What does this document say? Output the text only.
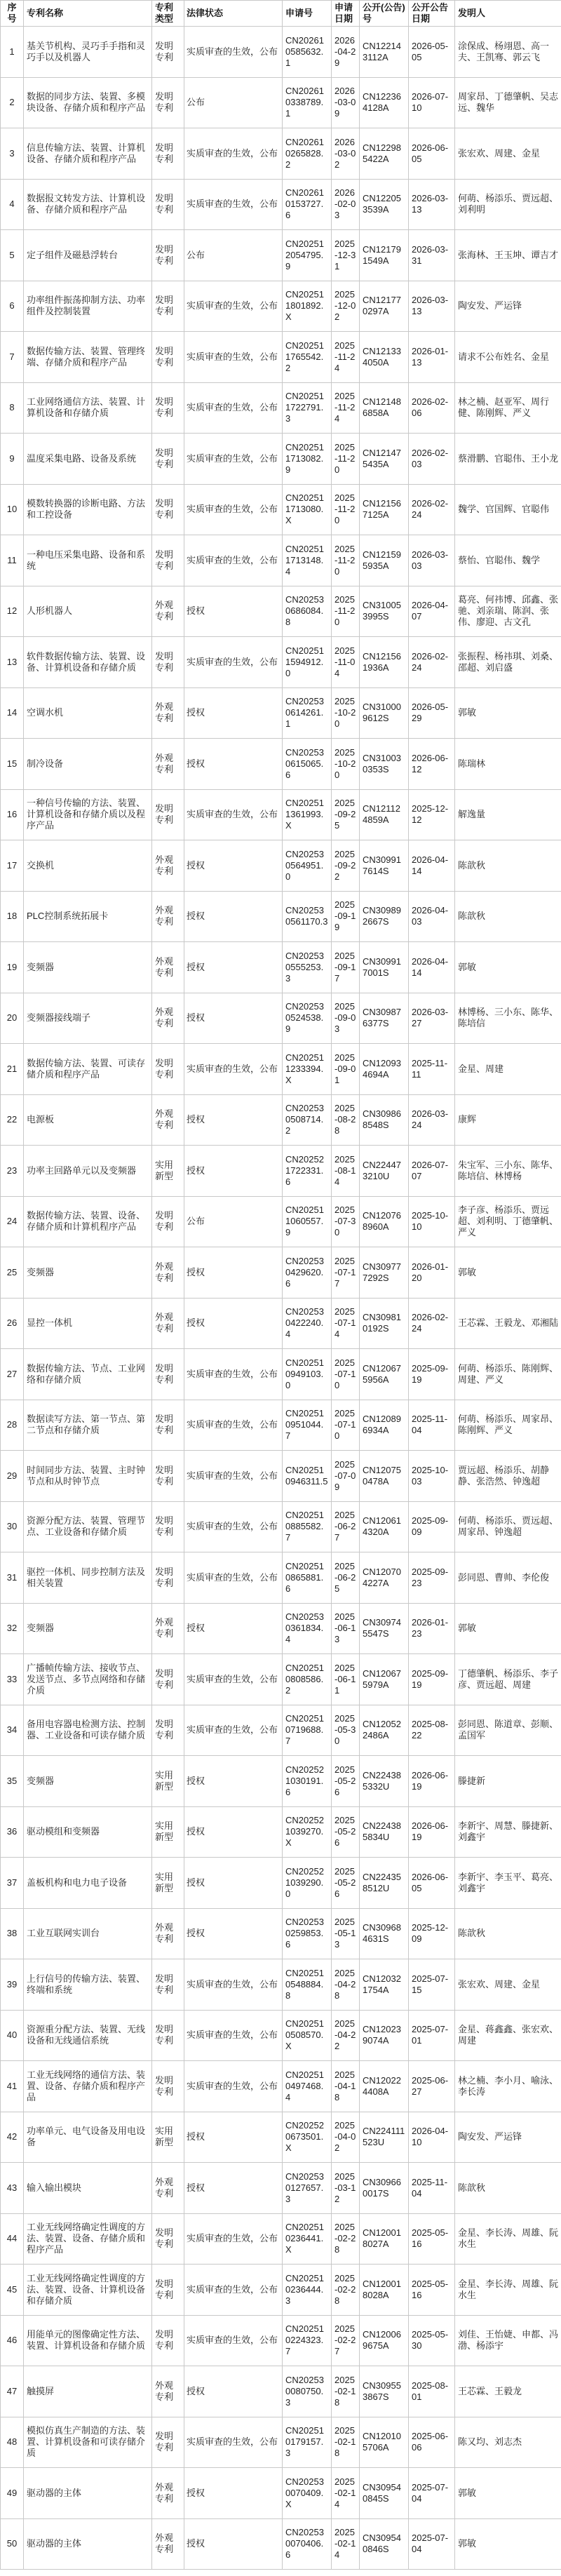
序号	专利名称	专利类型	法律状态	申请号	申请日期	公开(公告)号	公开公告日期	发明人
1	基关节机构、灵巧手手指和灵巧手以及机器人	发明专利	实质审查的生效，公布	CN202610585632.1	2026-04-29	CN122143112A	2026-05-05	涂保成、杨翊恩、高一夫、王凯骞、郭云飞
2	数据的同步方法、装置、多模块设备、存储介质和程序产品	发明专利	公布	CN202610338789.1	2026-03-09	CN122364128A	2026-07-10	周家昂、丁德肇帆、吴志远、魏华
3	信息传输方法、装置、计算机设备、存储介质和程序产品	发明专利	实质审查的生效，公布	CN202610265828.2	2026-03-02	CN122985422A	2026-06-05	张宏欢、周建、金星
4	数据报文转发方法、计算机设备、存储介质和程序产品	发明专利	实质审查的生效，公布	CN202610153727.6	2026-02-03	CN122053539A	2026-03-13	何萌、杨添乐、贾远超、刘利明
5	定子组件及磁悬浮转台	发明专利	公布	CN202512054795.9	2025-12-31	CN121791549A	2026-03-31	张海林、王玉坤、谭吉才
6	功率组件振荡抑制方法、功率组件及控制装置	发明专利	实质审查的生效，公布	CN202511801892.X	2025-12-02	CN121770297A	2026-03-13	陶安发、严运锋
7	数据传输方法、装置、管理终端、存储介质和程序产品	发明专利	实质审查的生效，公布	CN202511765542.2	2025-11-24	CN121334050A	2026-01-13	请求不公布姓名、金星
8	工业网络通信方法、装置、计算机设备和存储介质	发明专利	实质审查的生效，公布	CN202511722791.3	2025-11-24	CN121486858A	2026-02-06	林之楠、赵亚军、周行健、陈刚辉、严义
9	温度采集电路、设备及系统	发明专利	实质审查的生效，公布	CN202511713082.9	2025-11-20	CN121475435A	2026-02-03	蔡滑鹏、官聪伟、王小龙
10	模数转换器的诊断电路、方法和工控设备	发明专利	实质审查的生效，公布	CN202511713080.X	2025-11-20	CN121567125A	2026-02-24	魏学、官国辉、官聪伟
11	一种电压采集电路、设备和系统	发明专利	实质审查的生效，公布	CN202511713148.4	2025-11-20	CN121595935A	2026-03-03	蔡怡、官聪伟、魏学
12	人形机器人	外观专利	授权	CN202530686084.8	2025-11-20	CN310053995S	2026-04-07	葛亮、何祎博、邱鑫、张驰、刘亲瑞、陈润、张伟、廖迎、古文孔
13	软件数据传输方法、装置、设备、计算机设备和存储介质	发明专利	实质审查的生效，公布	CN202511594912.0	2025-11-04	CN121561936A	2026-02-24	张振程、杨祎琪、刘桑、邵超、刘启盛
14	空调水机	外观专利	授权	CN202530614261.1	2025-10-20	CN310009612S	2026-05-29	郭敏
15	制冷设备	外观专利	授权	CN202530615065.6	2025-10-20	CN310030353S	2026-06-12	陈瑞林
16	一种信号传输的方法、装置、计算机设备和存储介质以及程序产品	发明专利	实质审查的生效，公布	CN202511361993.X	2025-09-25	CN121124859A	2025-12-12	解逸量
17	交换机	外观专利	授权	CN202530564951.0	2025-09-22	CN309917614S	2026-04-14	陈歆秋
18	PLC控制系统拓展卡	外观专利	授权	CN202530561170.3	2025-09-19	CN309892667S	2026-04-03	陈歆秋
19	变频器	外观专利	授权	CN202530555253.3	2025-09-17	CN309917001S	2026-04-14	郭敏
20	变频器接线端子	外观专利	授权	CN202530524538.9	2025-09-03	CN309876377S	2026-03-27	林博杨、三小东、陈华、陈培信
21	数据传输方法、装置、可读存储介质和程序产品	发明专利	实质审查的生效，公布	CN202511233394.X	2025-09-01	CN120934694A	2025-11-11	金星、周建
22	电源板	外观专利	授权	CN202530508714.2	2025-08-28	CN309868548S	2026-03-24	康辉
23	功率主回路单元以及变频器	实用新型	授权	CN202521722331.6	2025-08-14	CN224473210U	2026-07-07	朱宝军、三小东、陈华、陈培信、林博杨
24	数据传输方法、装置、设备、存储介质和计算机程序产品	发明专利	公布	CN202511060557.9	2025-07-30	CN120768960A	2025-10-10	李子彦、杨添乐、贾远超、刘利明、丁德肇帆、严义
25	变频器	外观专利	授权	CN202530429620.6	2025-07-17	CN309777292S	2026-01-20	郭敏
26	显控一体机	外观专利	授权	CN202530422240.4	2025-07-14	CN309810192S	2026-02-24	王芯霖、王毅龙、邓湘陆
27	数据传输方法、节点、工业网络和存储介质	发明专利	实质审查的生效，公布	CN202510949103.0	2025-07-10	CN120675956A	2025-09-19	何萌、杨添乐、陈刚辉、周建、严义
28	数据读写方法、第一节点、第二节点和存储介质	发明专利	实质审查的生效，公布	CN202510951044.7	2025-07-10	CN120896934A	2025-11-04	何萌、杨添乐、周家昂、陈刚辉、严义
29	时间同步方法、装置、主时钟节点和从时钟节点	发明专利	实质审查的生效，公布	CN202510946311.5	2025-07-09	CN120750478A	2025-10-03	贾远超、杨添乐、胡静静、张浩然、钟逸超
30	资源分配方法、装置、管理节点、工业设备和存储介质	发明专利	实质审查的生效，公布	CN202510885582.7	2025-06-27	CN120614320A	2025-09-09	何萌、杨添乐、贾远超、周家昂、钟逸超
31	驱控一体机、同步控制方法及相关装置	发明专利	实质审查的生效，公布	CN202510865881.6	2025-06-25	CN120704227A	2025-09-23	彭同恩、曹帅、李伦俊
32	变频器	外观专利	授权	CN202530361834.4	2025-06-13	CN309745547S	2026-01-23	郭敏
33	广播帧传输方法、接收节点、发送节点、多节点网络和存储介质	发明专利	实质审查的生效，公布	CN202510808586.2	2025-06-11	CN120675979A	2025-09-19	丁德肇帆、杨添乐、李子彦、贾远超、周建
34	备用电容器电检测方法、控制器、工业设备和可读存储介质	发明专利	实质审查的生效，公布	CN202510719688.7	2025-05-30	CN120522486A	2025-08-22	彭同恩、陈道章、彭顺、孟国军
35	变频器	实用新型	授权	CN202521030191.6	2025-05-26	CN224385332U	2026-06-19	滕捷新
36	驱动模组和变频器	实用新型	授权	CN202521039270.X	2025-05-26	CN224385834U	2026-06-19	李新宇、周慧、滕捷新、刘鑫宇
37	盖板机构和电力电子设备	实用新型	授权	CN202521039290.0	2025-05-26	CN224358512U	2026-06-05	李新宇、李玉平、葛亮、刘鑫宇
38	工业互联网实训台	外观专利	授权	CN202530259853.6	2025-05-13	CN309684631S	2025-12-09	陈歆秋
39	上行信号的传输方法、装置、终端和系统	发明专利	实质审查的生效，公布	CN202510548884.8	2025-04-28	CN120321754A	2025-07-15	张宏欢、周建、金星
40	资源重分配方法、装置、无线设备和无线通信系统	发明专利	实质审查的生效，公布	CN202510508570.X	2025-04-22	CN120239074A	2025-07-01	金星、蒋鑫鑫、张宏欢、周建
41	工业无线网络的通信方法、装置、设备、存储介质和程序产品	发明专利	实质审查的生效，公布	CN202510497468.4	2025-04-18	CN120224408A	2025-06-27	林之楠、李小月、喻泳、李长涛
42	功率单元、电气设备及用电设备	实用新型	授权	CN202520673501.X	2025-04-02	CN224111523U	2026-04-10	陶安发、严运锋
43	输入输出模块	外观专利	授权	CN202530127657.3	2025-03-12	CN309660017S	2025-11-04	陈歆秋
44	工业无线网络确定性调度的方法、装置、设备、存储介质和程序产品	发明专利	实质审查的生效，公布	CN202510236441.X	2025-02-28	CN120018027A	2025-05-16	金星、李长涛、周雄、阮水生
45	工业无线网络确定性调度的方法、装置、设备、计算机设备和存储介质	发明专利	实质审查的生效，公布	CN202510236444.3	2025-02-28	CN120018028A	2025-05-16	金星、李长涛、周雄、阮水生
46	用能单元的图像确定性方法、装置、计算机设备和存储介质	发明专利	实质审查的生效，公布	CN202510224323.7	2025-02-27	CN120069675A	2025-05-30	刘佳、王怡婕、申都、冯渤、杨添宇
47	触摸屏	外观专利	授权	CN202530080750.3	2025-02-18	CN309553867S	2025-08-01	王芯霖、王毅龙
48	模拟仿真生产制造的方法、装置、计算机设备和可读存储介质	发明专利	实质审查的生效，公布	CN202510179157.3	2025-02-18	CN120105706A	2025-06-06	陈又均、刘志杰
49	驱动器的主体	外观专利	授权	CN202530070409.X	2025-02-14	CN309540845S	2025-07-04	郭敏
50	驱动器的主体	外观专利	授权	CN202530070406.6	2025-02-14	CN309540846S	2025-07-04	郭敏
